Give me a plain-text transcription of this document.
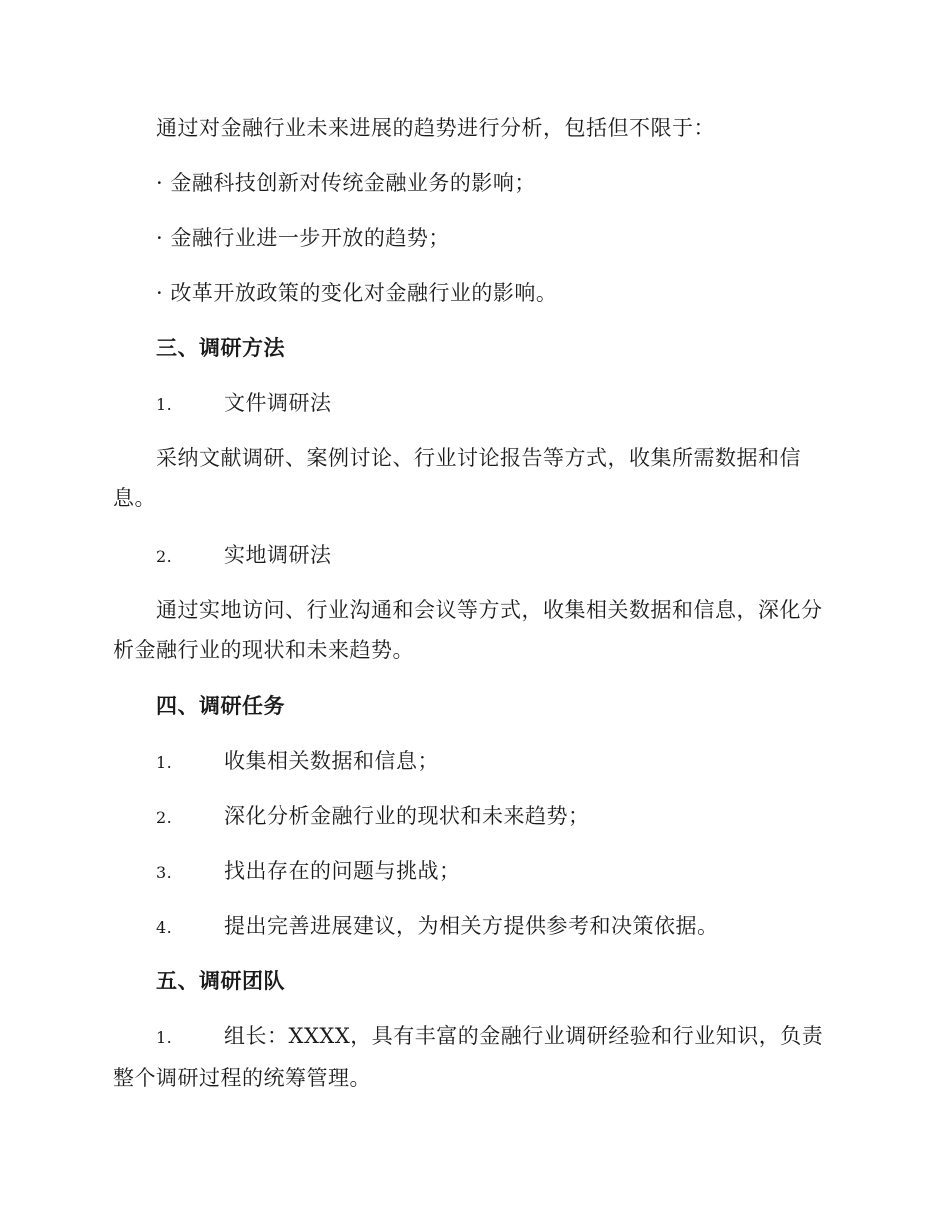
通过对金融行业未来进展的趋势进行分析，包括但不限于：
· 金融科技创新对传统金融业务的影响；
· 金融行业进一步开放的趋势；
· 改革开放政策的变化对金融行业的影响。
三、调研方法
1. 文件调研法
采纳文献调研、案例讨论、行业讨论报告等方式，收集所需数据和信息。
2. 实地调研法
通过实地访问、行业沟通和会议等方式，收集相关数据和信息，深化分析金融行业的现状和未来趋势。
四、调研任务
1. 收集相关数据和信息；
2. 深化分析金融行业的现状和未来趋势；
3. 找出存在的问题与挑战；
4. 提出完善进展建议，为相关方提供参考和决策依据。
五、调研团队
1. 组长：XXXX，具有丰富的金融行业调研经验和行业知识，负责整个调研过程的统筹管理。
